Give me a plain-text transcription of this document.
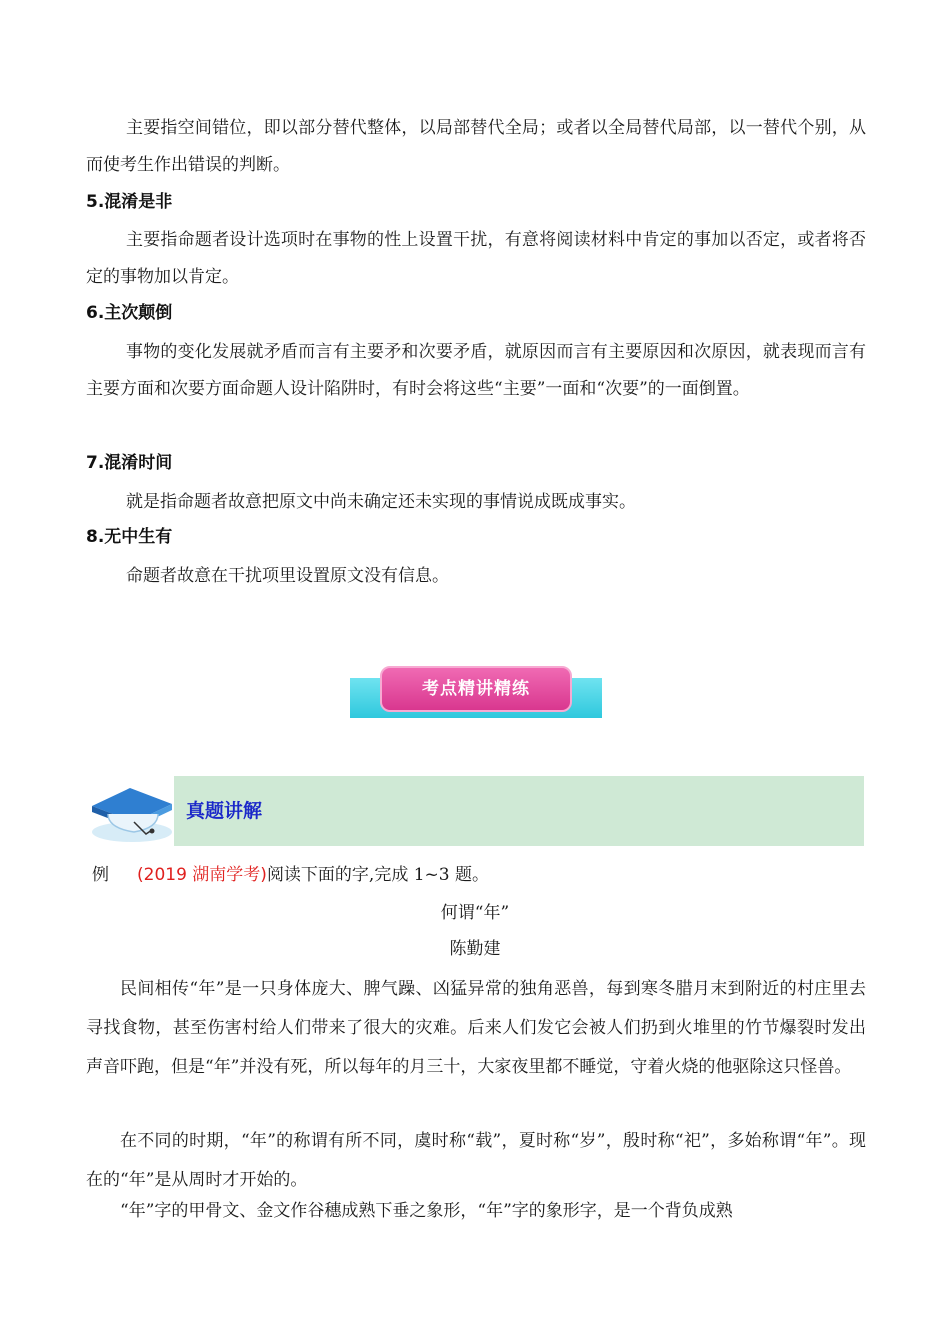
主要指空间错位，即以部分替代整体，以局部替代全局；或者以全局替代局部，以一替代个别，从而使考生作出错误的判断。

5.混淆是非

主要指命题者设计选项时在事物的性上设置干扰，有意将阅读材料中肯定的事加以否定，或者将否定的事物加以肯定。

6.主次颠倒

事物的变化发展就矛盾而言有主要矛和次要矛盾，就原因而言有主要原因和次原因，就表现而言有主要方面和次要方面命题人设计陷阱时，有时会将这些“主要”一面和“次要”的一面倒置。

7.混淆时间

就是指命题者故意把原文中尚未确定还未实现的事情说成既成事实。

8.无中生有

命题者故意在干扰项里设置原文没有信息。

考点精讲精练
真题讲解

例 (2019 湖南学考)阅读下面的字,完成 1~3 题。

何谓“年”

陈勤建

民间相传“年”是一只身体庞大、脾气躁、凶猛异常的独角恶兽，每到寒冬腊月末到附近的村庄里去寻找食物，甚至伤害村给人们带来了很大的灾难。后来人们发它会被人们扔到火堆里的竹节爆裂时发出声音吓跑，但是“年”并没有死，所以每年的月三十，大家夜里都不睡觉，守着火烧的他驱除这只怪兽。

在不同的时期，“年”的称谓有所不同，虞时称“载”，夏时称“岁”，殷时称“祀”，多始称谓“年”。现在的“年”是从周时才开始的。

“年”字的甲骨文、金文作谷穗成熟下垂之象形，“年”字的象形字，是一个背负成熟
